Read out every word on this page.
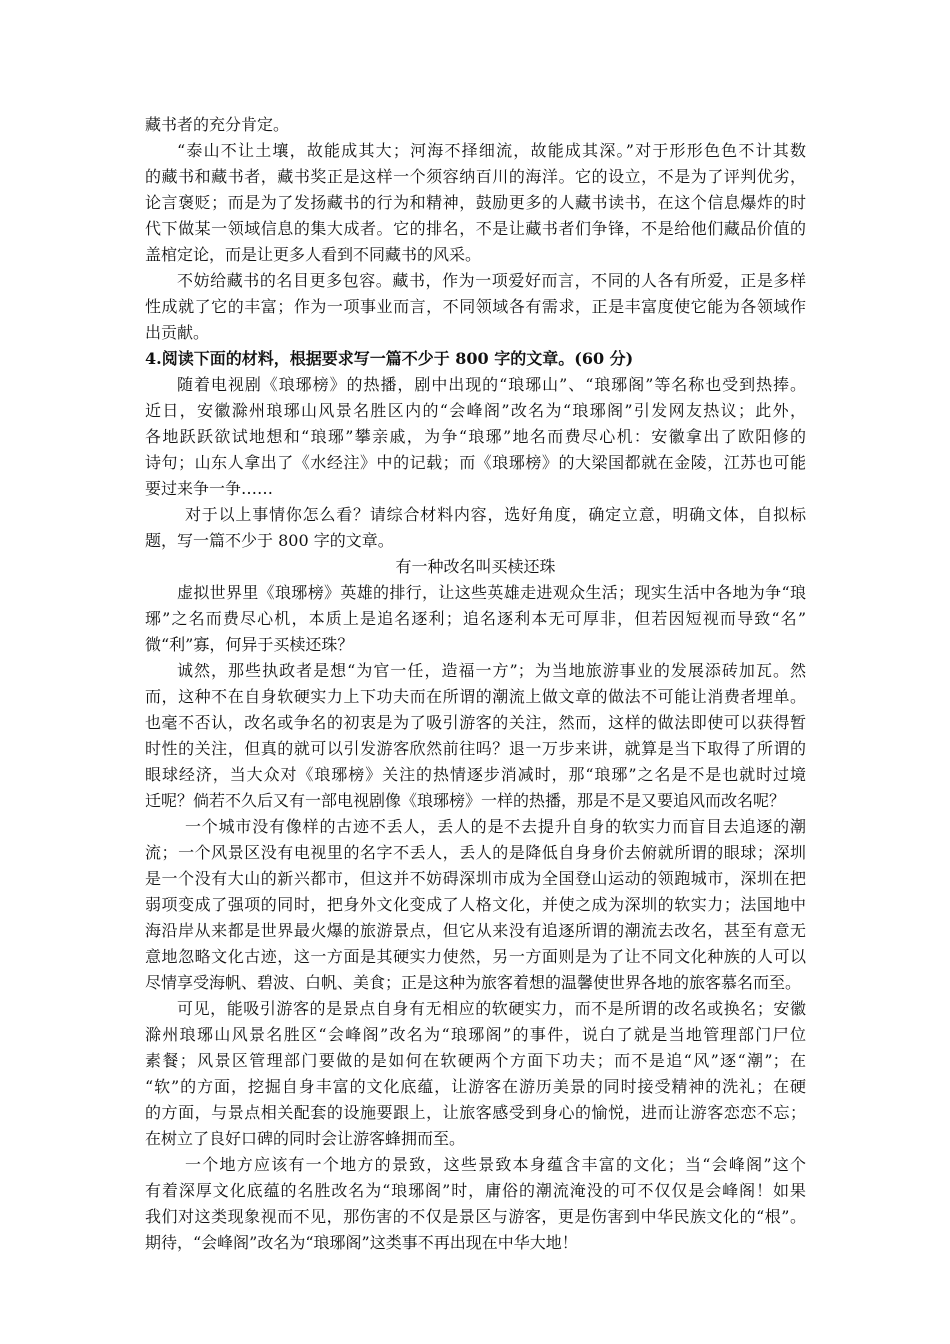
藏书者的充分肯定。
“泰山不让土壤，故能成其大；河海不择细流，故能成其深。”对于形形色色不计其数
的藏书和藏书者，藏书奖正是这样一个须容纳百川的海洋。它的设立，不是为了评判优劣，
论言褒贬；而是为了发扬藏书的行为和精神，鼓励更多的人藏书读书，在这个信息爆炸的时
代下做某一领域信息的集大成者。它的排名，不是让藏书者们争锋，不是给他们藏品价值的
盖棺定论，而是让更多人看到不同藏书的风采。
不妨给藏书的名目更多包容。藏书，作为一项爱好而言，不同的人各有所爱，正是多样
性成就了它的丰富；作为一项事业而言，不同领域各有需求，正是丰富度使它能为各领域作
出贡献。
4.阅读下面的材料，根据要求写一篇不少于 800 字的文章。(60 分)
随着电视剧《琅琊榜》的热播，剧中出现的“琅琊山”、“琅琊阁”等名称也受到热捧。
近日，安徽滁州琅琊山风景名胜区内的“会峰阁”改名为“琅琊阁”引发网友热议；此外，
各地跃跃欲试地想和“琅琊”攀亲戚，为争“琅琊”地名而费尽心机：安徽拿出了欧阳修的
诗句；山东人拿出了《水经注》中的记载；而《琅琊榜》的大梁国都就在金陵，江苏也可能
要过来争一争……
对于以上事情你怎么看？请综合材料内容，选好角度，确定立意，明确文体，自拟标
题，写一篇不少于 800 字的文章。
有一种改名叫买椟还珠
虚拟世界里《琅琊榜》英雄的排行，让这些英雄走进观众生活；现实生活中各地为争“琅
琊”之名而费尽心机，本质上是追名逐利；追名逐利本无可厚非，但若因短视而导致“名”
微“利”寡，何异于买椟还珠？
诚然，那些执政者是想“为官一任，造福一方”；为当地旅游事业的发展添砖加瓦。然
而，这种不在自身软硬实力上下功夫而在所谓的潮流上做文章的做法不可能让消费者埋单。
也毫不否认，改名或争名的初衷是为了吸引游客的关注，然而，这样的做法即使可以获得暂
时性的关注，但真的就可以引发游客欣然前往吗？退一万步来讲，就算是当下取得了所谓的
眼球经济，当大众对《琅琊榜》关注的热情逐步消减时，那“琅琊”之名是不是也就时过境
迁呢？倘若不久后又有一部电视剧像《琅琊榜》一样的热播，那是不是又要追风而改名呢？
一个城市没有像样的古迹不丢人，丢人的是不去提升自身的软实力而盲目去追逐的潮
流；一个风景区没有电视里的名字不丢人，丢人的是降低自身身价去俯就所谓的眼球；深圳
是一个没有大山的新兴都市，但这并不妨碍深圳市成为全国登山运动的领跑城市，深圳在把
弱项变成了强项的同时，把身外文化变成了人格文化，并使之成为深圳的软实力；法国地中
海沿岸从来都是世界最火爆的旅游景点，但它从来没有追逐所谓的潮流去改名，甚至有意无
意地忽略文化古迹，这一方面是其硬实力使然，另一方面则是为了让不同文化种族的人可以
尽情享受海帆、碧波、白帆、美食；正是这种为旅客着想的温馨使世界各地的旅客慕名而至。
可见，能吸引游客的是景点自身有无相应的软硬实力，而不是所谓的改名或换名；安徽
滁州琅琊山风景名胜区“会峰阁”改名为“琅琊阁”的事件，说白了就是当地管理部门尸位
素餐；风景区管理部门要做的是如何在软硬两个方面下功夫；而不是追“风”逐“潮”；在
“软”的方面，挖掘自身丰富的文化底蕴，让游客在游历美景的同时接受精神的洗礼；在硬
的方面，与景点相关配套的设施要跟上，让旅客感受到身心的愉悦，进而让游客恋恋不忘；
在树立了良好口碑的同时会让游客蜂拥而至。
一个地方应该有一个地方的景致，这些景致本身蕴含丰富的文化；当“会峰阁”这个
有着深厚文化底蕴的名胜改名为“琅琊阁”时，庸俗的潮流淹没的可不仅仅是会峰阁！如果
我们对这类现象视而不见，那伤害的不仅是景区与游客，更是伤害到中华民族文化的“根”。
期待，“会峰阁”改名为“琅琊阁”这类事不再出现在中华大地！
